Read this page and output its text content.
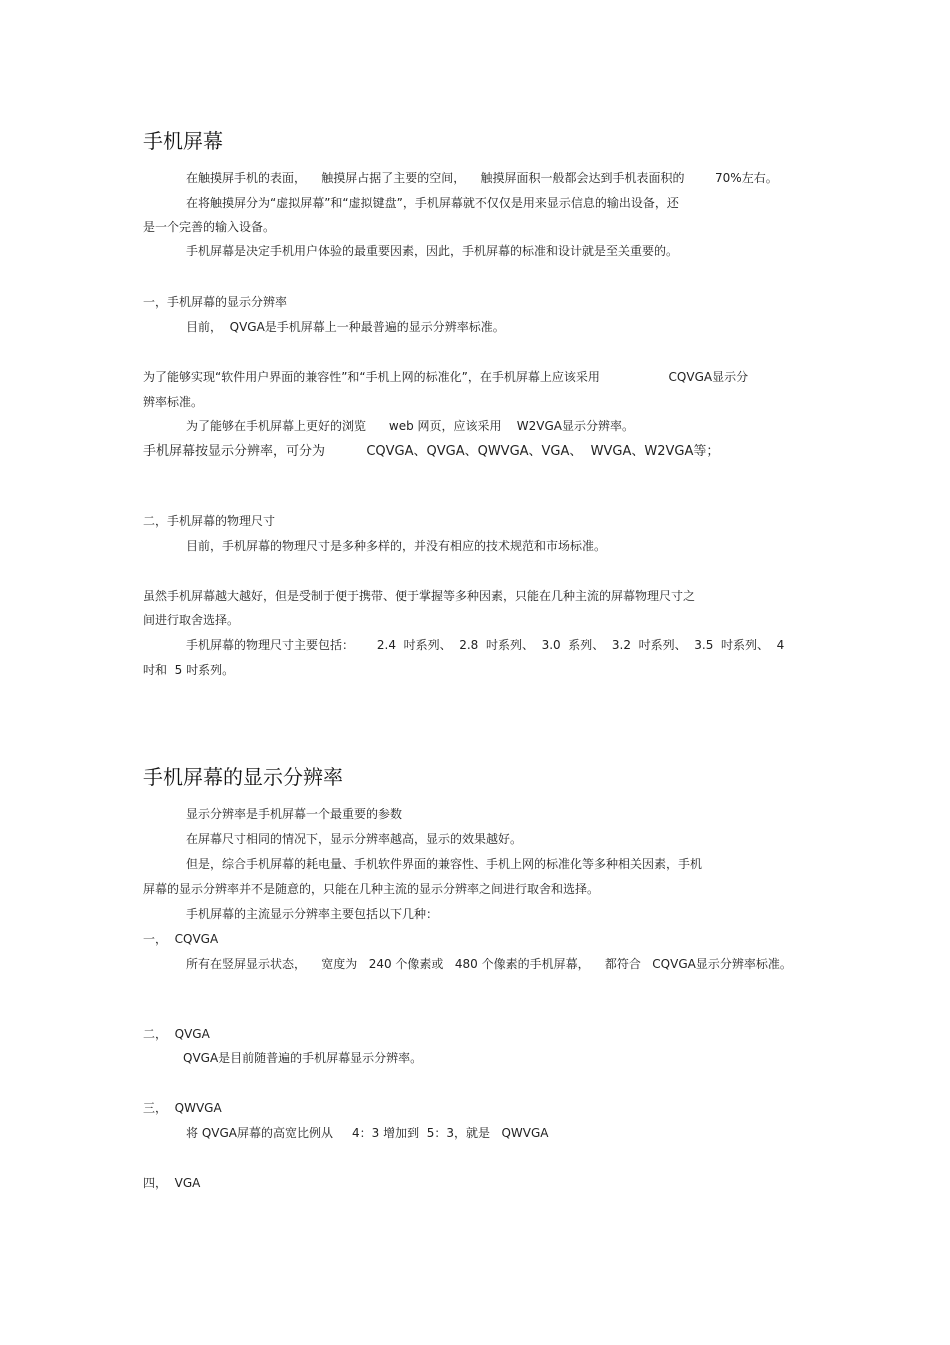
手机屏幕
在触摸屏手机的表面，    触摸屏占据了主要的空间，    触摸屏面积一般都会达到手机表面积的        70%左右。
在将触摸屏分为“虚拟屏幕”和“虚拟键盘”，手机屏幕就不仅仅是用来显示信息的输出设备，还
是一个完善的输入设备。
手机屏幕是决定手机用户体验的最重要因素，因此，手机屏幕的标准和设计就是至关重要的。
一，手机屏幕的显示分辨率
目前，  QVGA是手机屏幕上一种最普遍的显示分辨率标准。
为了能够实现“软件用户界面的兼容性”和“手机上网的标准化”，在手机屏幕上应该采用                  CQVGA显示分
辨率标准。
为了能够在手机屏幕上更好的浏览      web 网页，应该采用    W2VGA显示分辨率。
手机屏幕按显示分辨率，可分为          CQVGA、QVGA、QWVGA、VGA、  WVGA、W2VGA等；
二，手机屏幕的物理尺寸
目前，手机屏幕的物理尺寸是多种多样的，并没有相应的技术规范和市场标准。
虽然手机屏幕越大越好，但是受制于便于携带、便于掌握等多种因素，只能在几种主流的屏幕物理尺寸之
间进行取舍选择。
手机屏幕的物理尺寸主要包括：      2.4  吋系列、  2.8  吋系列、  3.0  系列、  3.2  吋系列、  3.5  吋系列、  4
吋和  5 吋系列。
手机屏幕的显示分辨率
显示分辨率是手机屏幕一个最重要的参数
在屏幕尺寸相同的情况下，显示分辨率越高，显示的效果越好。
但是，综合手机屏幕的耗电量、手机软件界面的兼容性、手机上网的标准化等多种相关因素，手机
屏幕的显示分辨率并不是随意的，只能在几种主流的显示分辨率之间进行取舍和选择。
手机屏幕的主流显示分辨率主要包括以下几种：
一，  CQVGA
所有在竖屏显示状态，    宽度为   240 个像素或   480 个像素的手机屏幕，    都符合   CQVGA显示分辨率标准。
二，  QVGA
QVGA是目前随普遍的手机屏幕显示分辨率。
三，  QWVGA
将 QVGA屏幕的高宽比例从     4：3 增加到  5：3，就是   QWVGA
四，  VGA
